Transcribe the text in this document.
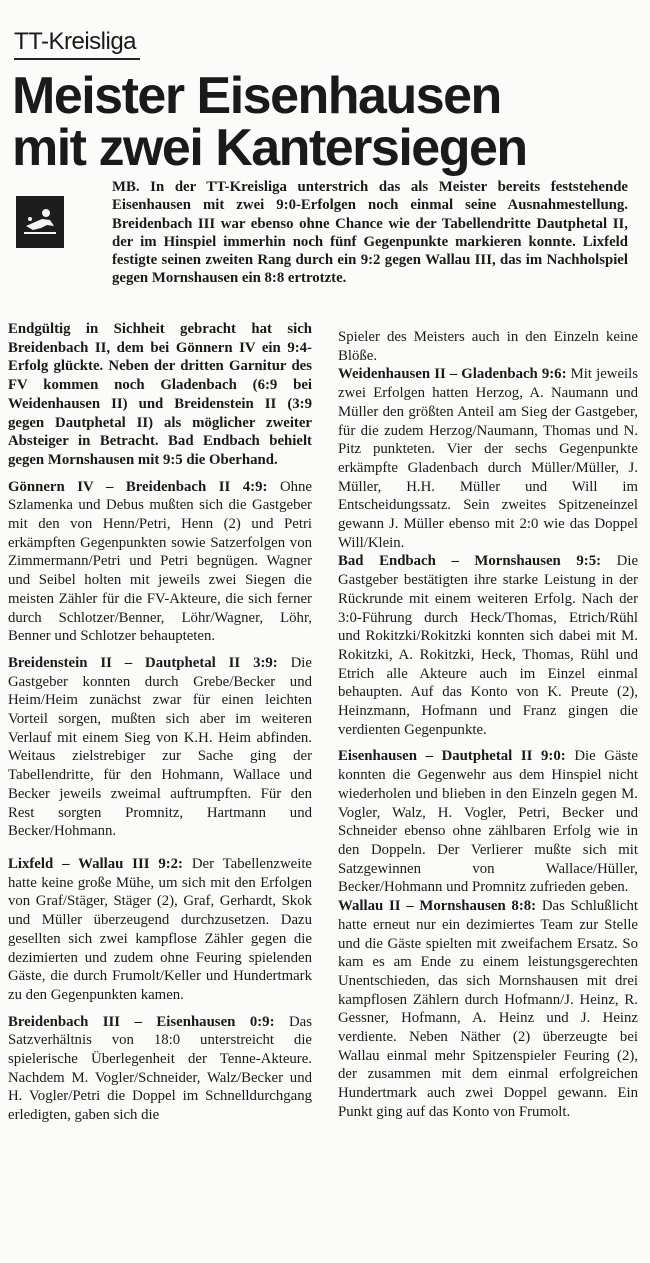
TT-Kreisliga
Meister Eisenhausen
mit zwei Kantersiegen
MB. In der TT-Kreisliga unterstrich das als Meister bereits feststehende Eisenhausen mit zwei 9:0-Erfolgen noch einmal seine Ausnahmestellung. Breidenbach III war ebenso ohne Chance wie der Tabellendritte Dautphetal II, der im Hinspiel immerhin noch fünf Gegenpunkte markieren konnte. Lixfeld festigte seinen zweiten Rang durch ein 9:2 gegen Wallau III, das im Nachholspiel gegen Mornshausen ein 8:8 ertrotzte.

Endgültig in Sichheit gebracht hat sich Breidenbach II, dem bei Gönnern IV ein 9:4-Erfolg glückte. Neben der dritten Garnitur des FV kommen noch Gladenbach (6:9 bei Weidenhausen II) und Breidenstein II (3:9 gegen Dautphetal II) als möglicher zweiter Absteiger in Betracht. Bad Endbach behielt gegen Mornshausen mit 9:5 die Oberhand.

Gönnern IV – Breidenbach II 4:9: Ohne Szlamenka und Debus mußten sich die Gastgeber mit den von Henn/Petri, Henn (2) und Petri erkämpften Gegenpunkten sowie Satzerfolgen von Zimmermann/Petri und Petri begnügen. Wagner und Seibel holten mit jeweils zwei Siegen die meisten Zähler für die FV-Akteure, die sich ferner durch Schlotzer/Benner, Löhr/Wagner, Löhr, Benner und Schlotzer behaupteten.

Breidenstein II – Dautphetal II 3:9: Die Gastgeber konnten durch Grebe/Becker und Heim/Heim zunächst zwar für einen leichten Vorteil sorgen, mußten sich aber im weiteren Verlauf mit einem Sieg von K.H. Heim abfinden. Weitaus zielstrebiger zur Sache ging der Tabellendritte, für den Hohmann, Wallace und Becker jeweils zweimal auftrumpften. Für den Rest sorgten Promnitz, Hartmann und Becker/Hohmann.

Lixfeld – Wallau III 9:2: Der Tabellenzweite hatte keine große Mühe, um sich mit den Erfolgen von Graf/Stäger, Stäger (2), Graf, Gerhardt, Skok und Müller überzeugend durchzusetzen. Dazu gesellten sich zwei kampflose Zähler gegen die dezimierten und zudem ohne Feuring spielenden Gäste, die durch Frumolt/Keller und Hundertmark zu den Gegenpunkten kamen.

Breidenbach III – Eisenhausen 0:9: Das Satzverhältnis von 18:0 unterstreicht die spielerische Überlegenheit der Tenne-Akteure. Nachdem M. Vogler/Schneider, Walz/Becker und H. Vogler/Petri die Doppel im Schnelldurchgang erledigten, gaben sich die

Spieler des Meisters auch in den Einzeln keine Blöße.

Weidenhausen II – Gladenbach 9:6: Mit jeweils zwei Erfolgen hatten Herzog, A. Naumann und Müller den größten Anteil am Sieg der Gastgeber, für die zudem Herzog/Naumann, Thomas und N. Pitz punkteten. Vier der sechs Gegenpunkte erkämpfte Gladenbach durch Müller/Müller, J. Müller, H.H. Müller und Will im Entscheidungssatz. Sein zweites Spitzeneinzel gewann J. Müller ebenso mit 2:0 wie das Doppel Will/Klein.

Bad Endbach – Mornshausen 9:5: Die Gastgeber bestätigten ihre starke Leistung in der Rückrunde mit einem weiteren Erfolg. Nach der 3:0-Führung durch Heck/Thomas, Etrich/Rühl und Rokitzki/Rokitzki konnten sich dabei mit M. Rokitzki, A. Rokitzki, Heck, Thomas, Rühl und Etrich alle Akteure auch im Einzel einmal behaupten. Auf das Konto von K. Preute (2), Heinzmann, Hofmann und Franz gingen die verdienten Gegenpunkte.

Eisenhausen – Dautphetal II 9:0: Die Gäste konnten die Gegenwehr aus dem Hinspiel nicht wiederholen und blieben in den Einzeln gegen M. Vogler, Walz, H. Vogler, Petri, Becker und Schneider ebenso ohne zählbaren Erfolg wie in den Doppeln. Der Verlierer mußte sich mit Satzgewinnen von Wallace/Hüller, Becker/Hohmann und Promnitz zufrieden geben.

Wallau II – Mornshausen 8:8: Das Schlußlicht hatte erneut nur ein dezimiertes Team zur Stelle und die Gäste spielten mit zweifachem Ersatz. So kam es am Ende zu einem leistungsgerechten Unentschieden, das sich Mornshausen mit drei kampflosen Zählern durch Hofmann/J. Heinz, R. Gessner, Hofmann, A. Heinz und J. Heinz verdiente. Neben Näther (2) überzeugte bei Wallau einmal mehr Spitzenspieler Feuring (2), der zusammen mit dem einmal erfolgreichen Hundertmark auch zwei Doppel gewann. Ein Punkt ging auf das Konto von Frumolt.
